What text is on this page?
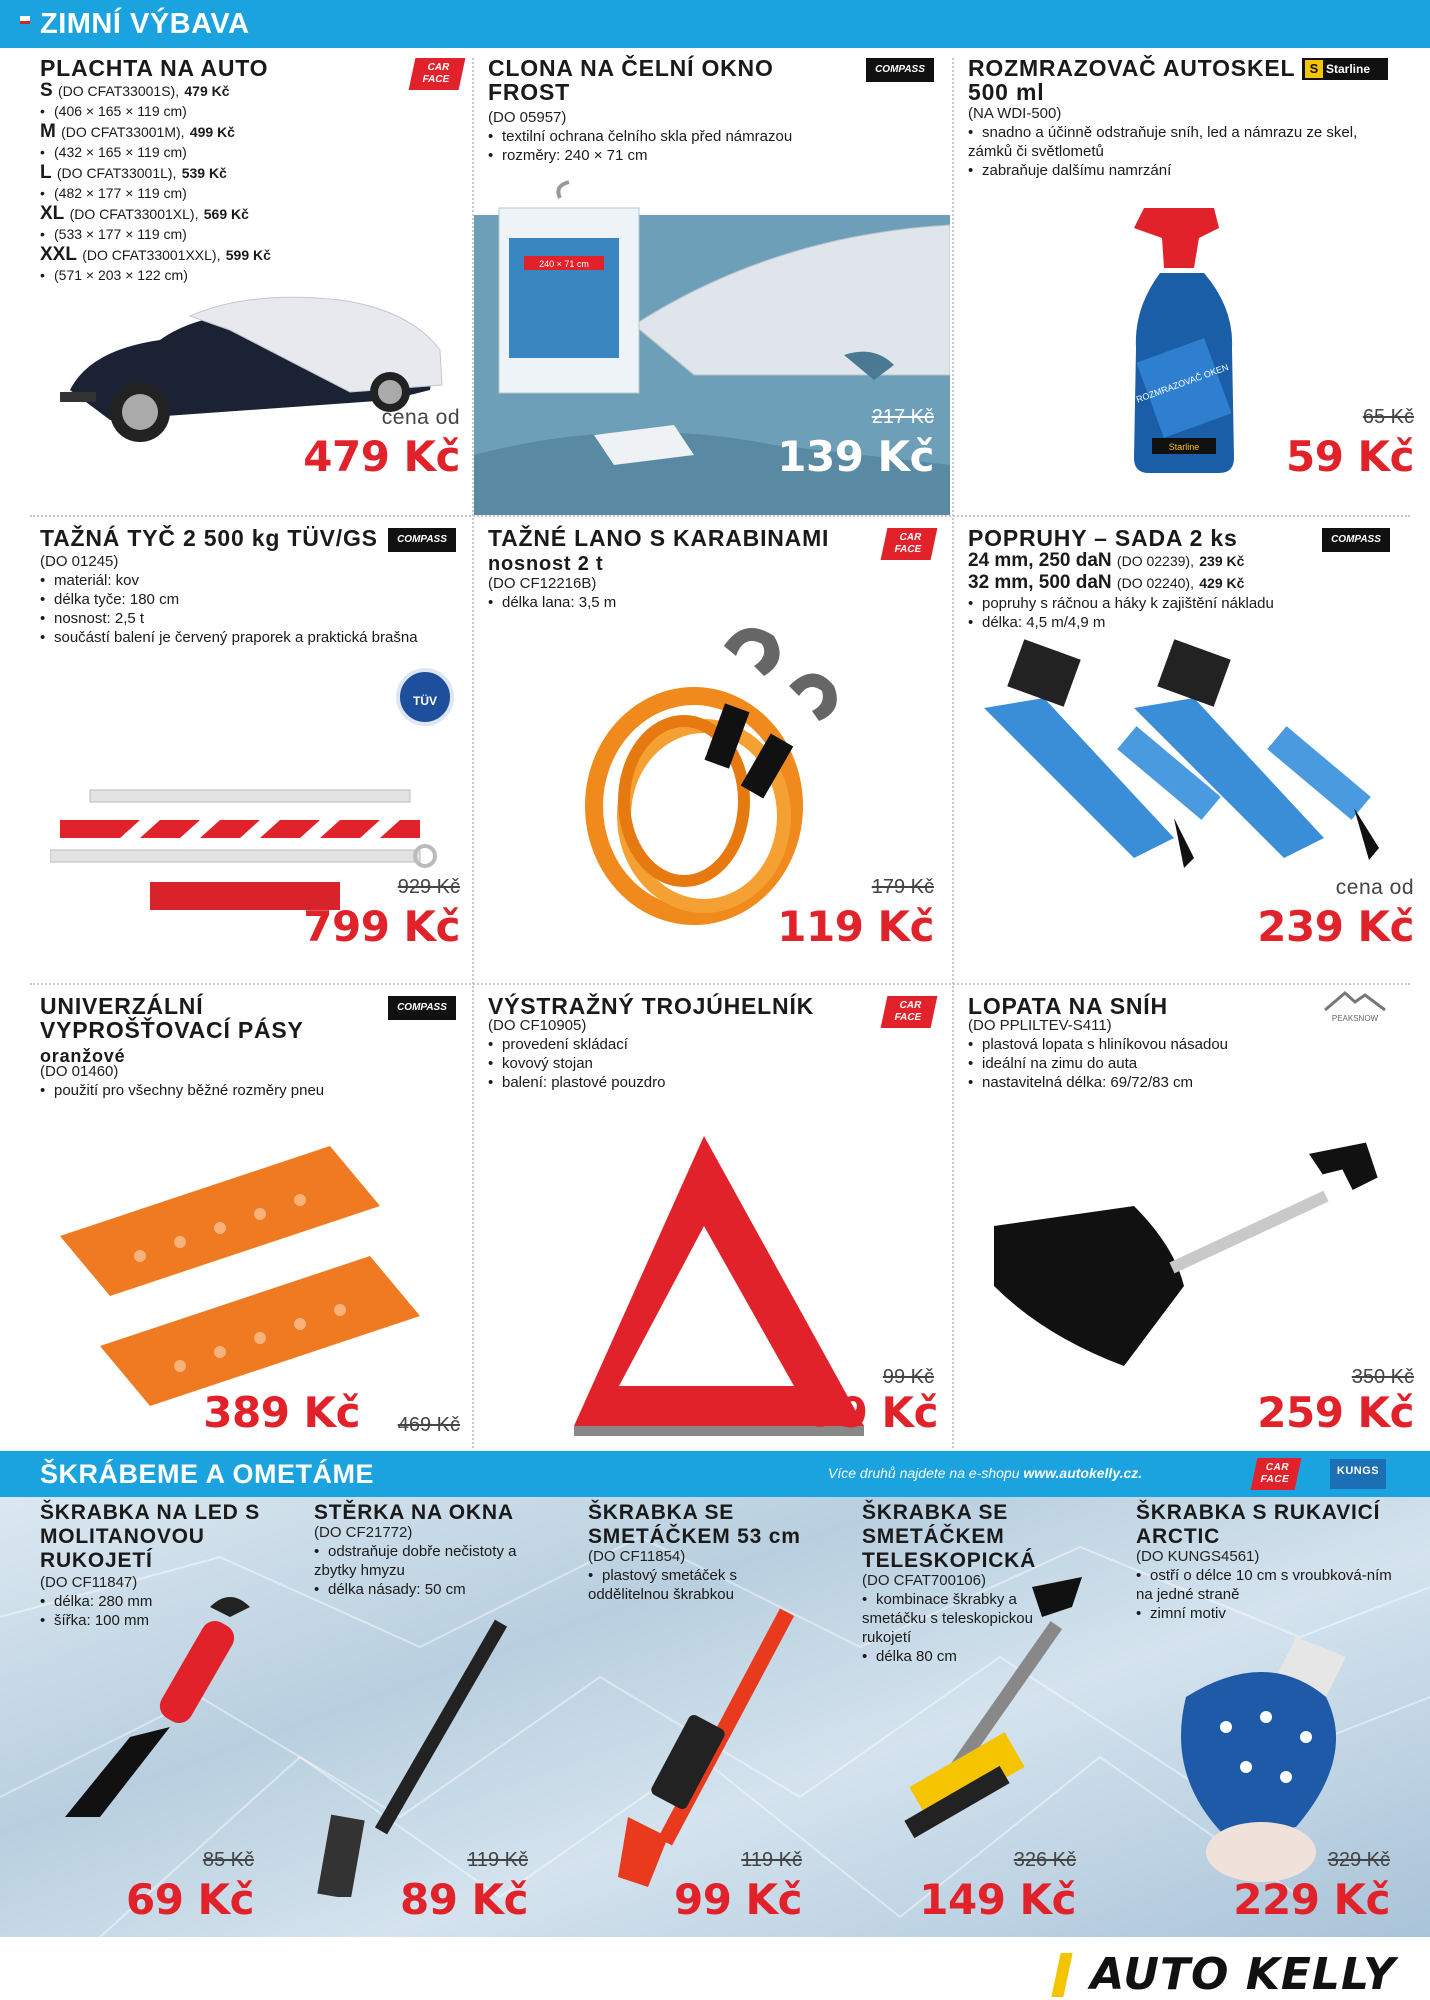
ZIMNÍ VÝBAVA
PLACHTA NA AUTO	CAR FACE
S (DO CFAT33001S), 479 Kč
• (406 × 165 × 119 cm)
M (DO CFAT33001M), 499 Kč
• (432 × 165 × 119 cm)
L (DO CFAT33001L), 539 Kč
• (482 × 177 × 119 cm)
XL (DO CFAT33001XL), 569 Kč
• (533 × 177 × 119 cm)
XXL (DO CFAT33001XXL), 599 Kč
• (571 × 203 × 122 cm)
cena od
479 Kč
240 × 71 cm
CLONA NA ČELNÍ OKNO FROST
COMPASS
(DO 05957)
• textilní ochrana čelního skla před námrazou
• rozměry: 240 × 71 cm
217 Kč
139 Kč
ROZMRAZOVAČ AUTOSKEL
500 ml
S Starline
(NA WDI-500)
• snadno a účinně odstraňuje sníh, led a námrazu ze skel, zámků či světlometů
• zabraňuje dalšímu namrzání
ROZMRAZOVAČ OKEN
Starline
65 Kč
59 Kč
TAŽNÁ TYČ 2 500 kg TÜV/GS	COMPASS
(DO 01245)
• materiál: kov
• délka tyče: 180 cm
• nosnost: 2,5 t
• součástí balení je červený praporek a praktická brašna
TÜV SÜD
929 Kč
799 Kč
TAŽNÉ LANO S KARABINAMI
nosnost 2 t
CAR FACE
(DO CF12216B)
• délka lana: 3,5 m
179 Kč
119 Kč
POPRUHY – SADA 2 ks	COMPASS
24 mm, 250 daN (DO 02239), 239 Kč
32 mm, 500 daN (DO 02240), 429 Kč
• popruhy s ráčnou a háky k zajištění nákladu
• délka: 4,5 m/4,9 m
cena od
239 Kč
UNIVERZÁLNÍ VYPROŠŤOVACÍ PÁSY
oranžové
COMPASS
(DO 01460)
• použití pro všechny běžné rozměry pneu
469 Kč
VÝSTRAŽNÝ TROJÚHELNÍK	CAR FACE
(DO CF10905)
• provedení skládací
• kovový stojan
• balení: plastové pouzdro
LOPATA NA SNÍH	PEAKSNOW
(DO PPLILTEV-S411)
• plastová lopata s hliníkovou násadou
• ideální na zimu do auta
• nastavitelná délka: 69/72/83 cm
389 Kč
99 Kč
79 Kč
350 Kč
259 Kč
ŠKRÁBEME A OMETÁME	Více druhů najdete na e-shopu www.autokelly.cz.	CAR FACE
KUNGS
ŠKRABKA NA LED S MOLITANOVOU RUKOJETÍ
(DO CF11847)
• délka: 280 mm
• šířka: 100 mm
85 Kč
69 Kč
STĚRKA NA OKNA
(DO CF21772)
• odstraňuje dobře nečistoty a zbytky hmyzu
• délka násady: 50 cm
119 Kč
89 Kč
ŠKRABKA SE SMETÁČKEM 53 cm
(DO CF11854)
• plastový smetáček s oddělitelnou škrabkou
119 Kč
99 Kč
ŠKRABKA SE SMETÁČKEM TELESKOPICKÁ
(DO CFAT700106)
• kombinace škrabky a smetáčku s teleskopickou rukojetí
• délka 80 cm
326 Kč
149 Kč
ŠKRABKA S RUKAVICÍ ARCTIC
(DO KUNGS4561)
• ostří o délce 10 cm s vroubková-ním na jedné straně
• zimní motiv
329 Kč
229 Kč
AUTO KELLY
